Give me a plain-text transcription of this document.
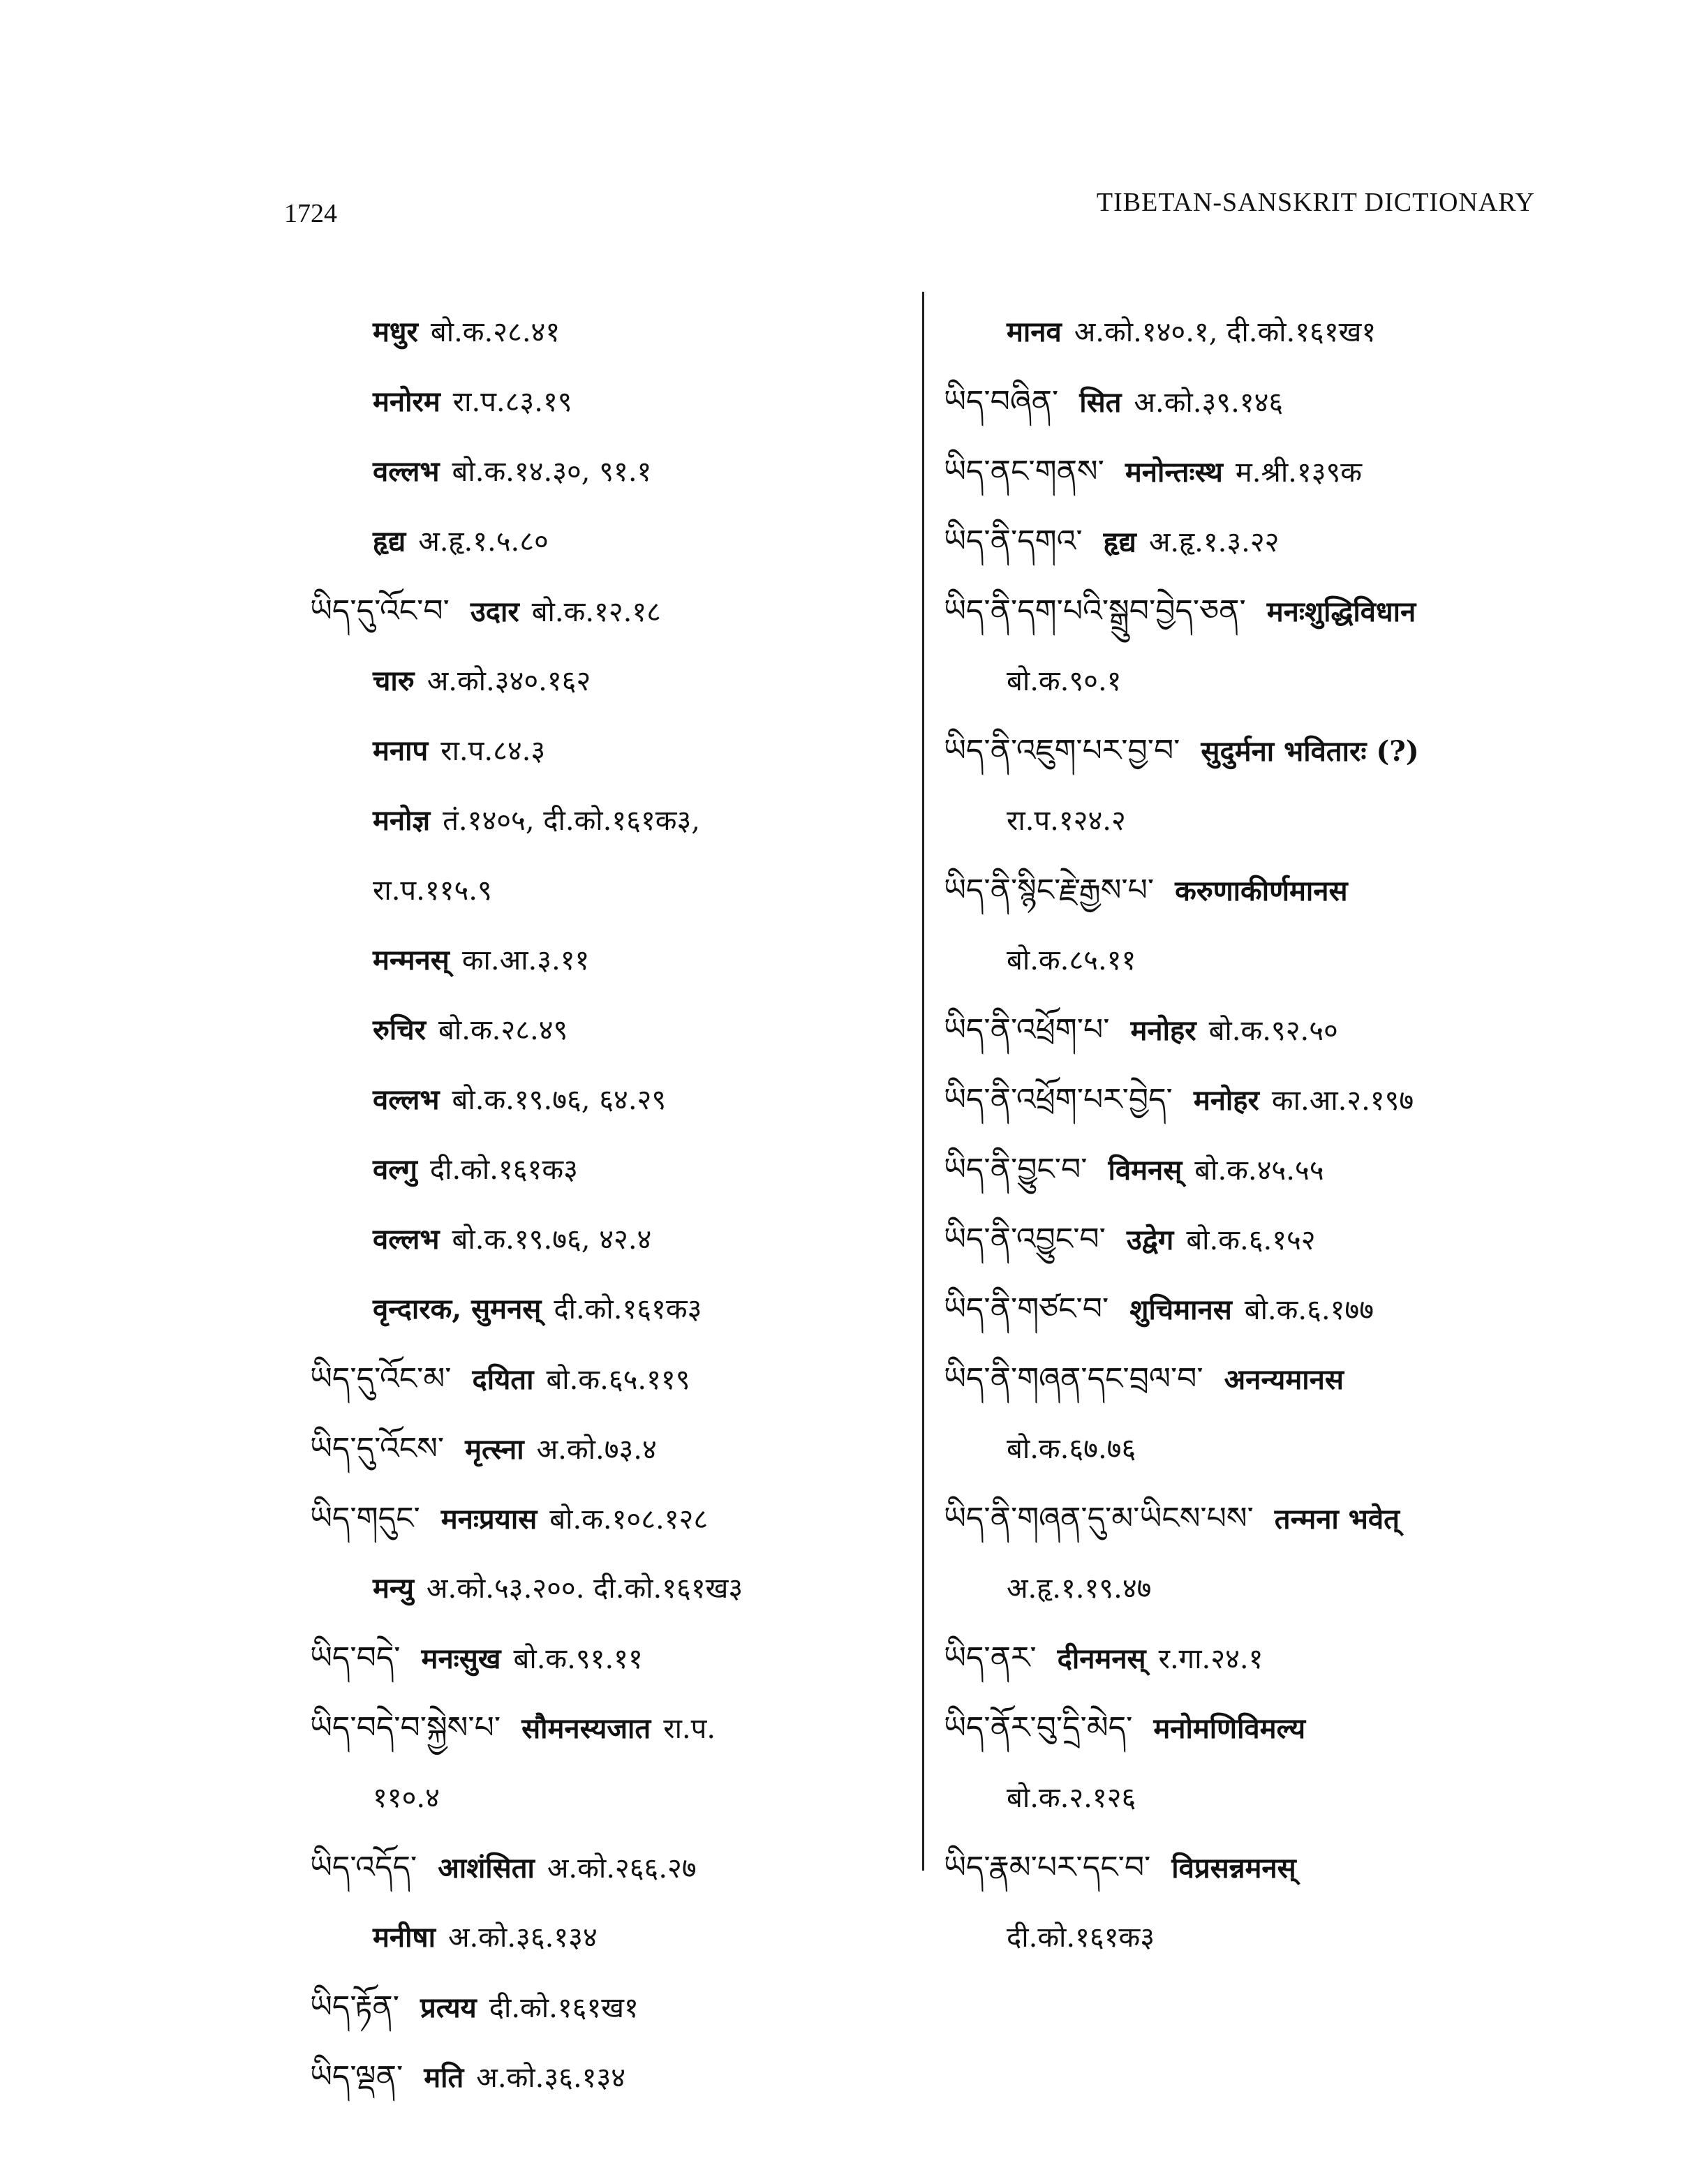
1724	TIBETAN-SANSKRIT DICTIONARY
मधुर बो.क.२८.४१
मनोरम रा.प.८३.१९
वल्लभ बो.क.१४.३०, ९१.१
हृद्य अ.हृ.१.५.८०
ཡིད་དུ་འོང་བ་ उदार बो.क.१२.१८
चारु अ.को.३४०.१६२
मनाप रा.प.८४.३
मनोज्ञ तं.१४०५, दी.को.१६१क३,
रा.प.११५.९
मन्मनस् का.आ.३.११
रुचिर बो.क.२८.४९
वल्लभ बो.क.१९.७६, ६४.२९
वल्गु दी.को.१६१क३
वल्लभ बो.क.१९.७६, ४२.४
वृन्दारक, सुमनस् दी.को.१६१क३
ཡིད་དུ་འོང་མ་ दयिता बो.क.६५.११९
ཡིད་དུ་འོངས་ मृत्स्ना अ.को.७३.४
ཡིད་གདུང་ मनःप्रयास बो.क.१०८.१२८
मन्यु अ.को.५३.२००. दी.को.१६१ख३
ཡིད་བདེ་ मनःसुख बो.क.९१.११
ཡིད་བདེ་བ་སྐྱེས་པ་ सौमनस्यजात रा.प.
११०.४
ཡིད་འདོད་ आशंसिता अ.को.२६६.२७
मनीषा अ.को.३६.१३४
ཡིད་རྟོན་ प्रत्यय दी.को.१६१ख१
ཡིད་ལྡན་ मति अ.को.३६.१३४
मानव अ.को.१४०.१, दी.को.१६१ख१
ཡིད་བཞིན་ सित अ.को.३९.१४६
ཡིད་ནང་གནས་ मनोन्तःस्थ म.श्री.१३९क
ཡིད་ནི་དགའ་ हृद्य अ.हृ.१.३.२२
ཡིད་ནི་དག་པའི་སྒྲུབ་བྱེད་ཅན་ मनःशुद्धिविधान
बो.क.९०.१
ཡིད་ནི་འཇུག་པར་བྱ་བ་ सुदुर्मना भवितारः (?)
रा.प.१२४.२
ཡིད་ནི་སྙིང་རྗེ་རྒྱས་པ་ करुणाकीर्णमानस
बो.क.८५.११
ཡིད་ནི་འཕྲོག་པ་ मनोहर बो.क.९२.५०
ཡིད་ནི་འཕྲོག་པར་བྱེད་ मनोहर का.आ.२.१९७
ཡིད་ནི་བྱུང་བ་ विमनस् बो.क.४५.५५
ཡིད་ནི་འབྱུང་བ་ उद्वेग बो.क.६.१५२
ཡིད་ནི་གཙང་བ་ शुचिमानस बो.क.६.१७७
ཡིད་ནི་གཞན་དང་བྲལ་བ་ अनन्यमानस
बो.क.६७.७६
ཡིད་ནི་གཞན་དུ་མ་ཡིངས་པས་ तन्मना भवेत्
अ.हृ.१.१९.४७
ཡིད་ནར་ दीनमनस् र.गा.२४.१
ཡིད་ནོར་བུ་དྲི་མེད་ मनोमणिविमल्य
बो.क.२.१२६
ཡིད་རྣམ་པར་དང་བ་ विप्रसन्नमनस्
दी.को.१६१क३
